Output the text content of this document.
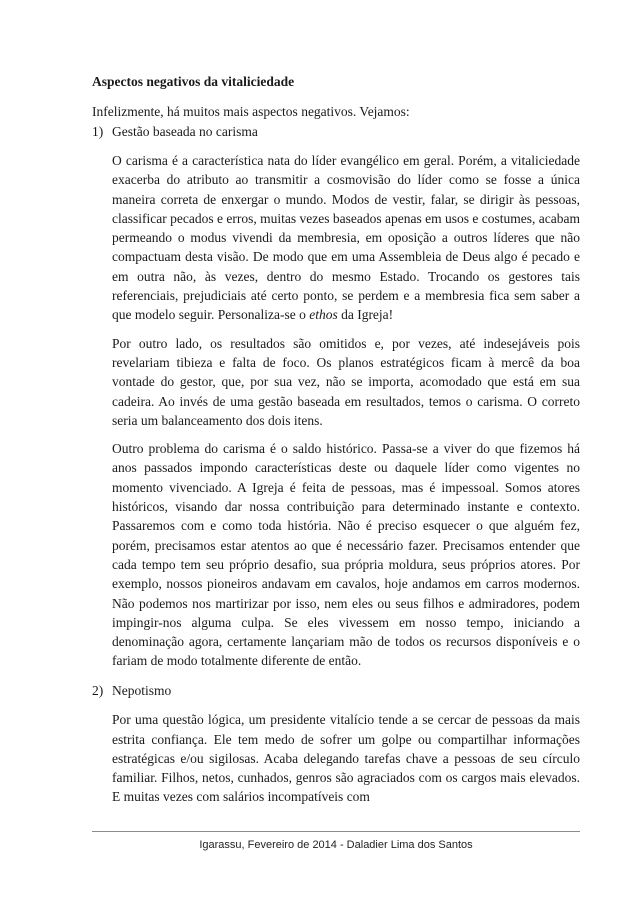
Aspectos negativos da vitaliciedade

Infelizmente, há muitos mais aspectos negativos. Vejamos:

1) Gestão baseada no carisma

O carisma é a característica nata do líder evangélico em geral. Porém, a vitaliciedade exacerba do atributo ao transmitir a cosmovisão do líder como se fosse a única maneira correta de enxergar o mundo. Modos de vestir, falar, se dirigir às pessoas, classificar pecados e erros, muitas vezes baseados apenas em usos e costumes, acabam permeando o modus vivendi da membresia, em oposição a outros líderes que não compactuam desta visão. De modo que em uma Assembleia de Deus algo é pecado e em outra não, às vezes, dentro do mesmo Estado. Trocando os gestores tais referenciais, prejudiciais até certo ponto, se perdem e a membresia fica sem saber a que modelo seguir. Personaliza-se o ethos da Igreja!

Por outro lado, os resultados são omitidos e, por vezes, até indesejáveis pois revelariam tibieza e falta de foco. Os planos estratégicos ficam à mercê da boa vontade do gestor, que, por sua vez, não se importa, acomodado que está em sua cadeira. Ao invés de uma gestão baseada em resultados, temos o carisma. O correto seria um balanceamento dos dois itens.

Outro problema do carisma é o saldo histórico. Passa-se a viver do que fizemos há anos passados impondo características deste ou daquele líder como vigentes no momento vivenciado. A Igreja é feita de pessoas, mas é impessoal. Somos atores históricos, visando dar nossa contribuição para determinado instante e contexto. Passaremos com e como toda história. Não é preciso esquecer o que alguém fez, porém, precisamos estar atentos ao que é necessário fazer. Precisamos entender que cada tempo tem seu próprio desafio, sua própria moldura, seus próprios atores. Por exemplo, nossos pioneiros andavam em cavalos, hoje andamos em carros modernos. Não podemos nos martirizar por isso, nem eles ou seus filhos e admiradores, podem impingir-nos alguma culpa. Se eles vivessem em nosso tempo, iniciando a denominação agora, certamente lançariam mão de todos os recursos disponíveis e o fariam de modo totalmente diferente de então.

2) Nepotismo

Por uma questão lógica, um presidente vitalício tende a se cercar de pessoas da mais estrita confiança. Ele tem medo de sofrer um golpe ou compartilhar informações estratégicas e/ou sigilosas. Acaba delegando tarefas chave a pessoas de seu círculo familiar. Filhos, netos, cunhados, genros são agraciados com os cargos mais elevados. E muitas vezes com salários incompatíveis com

Igarassu, Fevereiro de 2014 - Daladier Lima dos Santos
